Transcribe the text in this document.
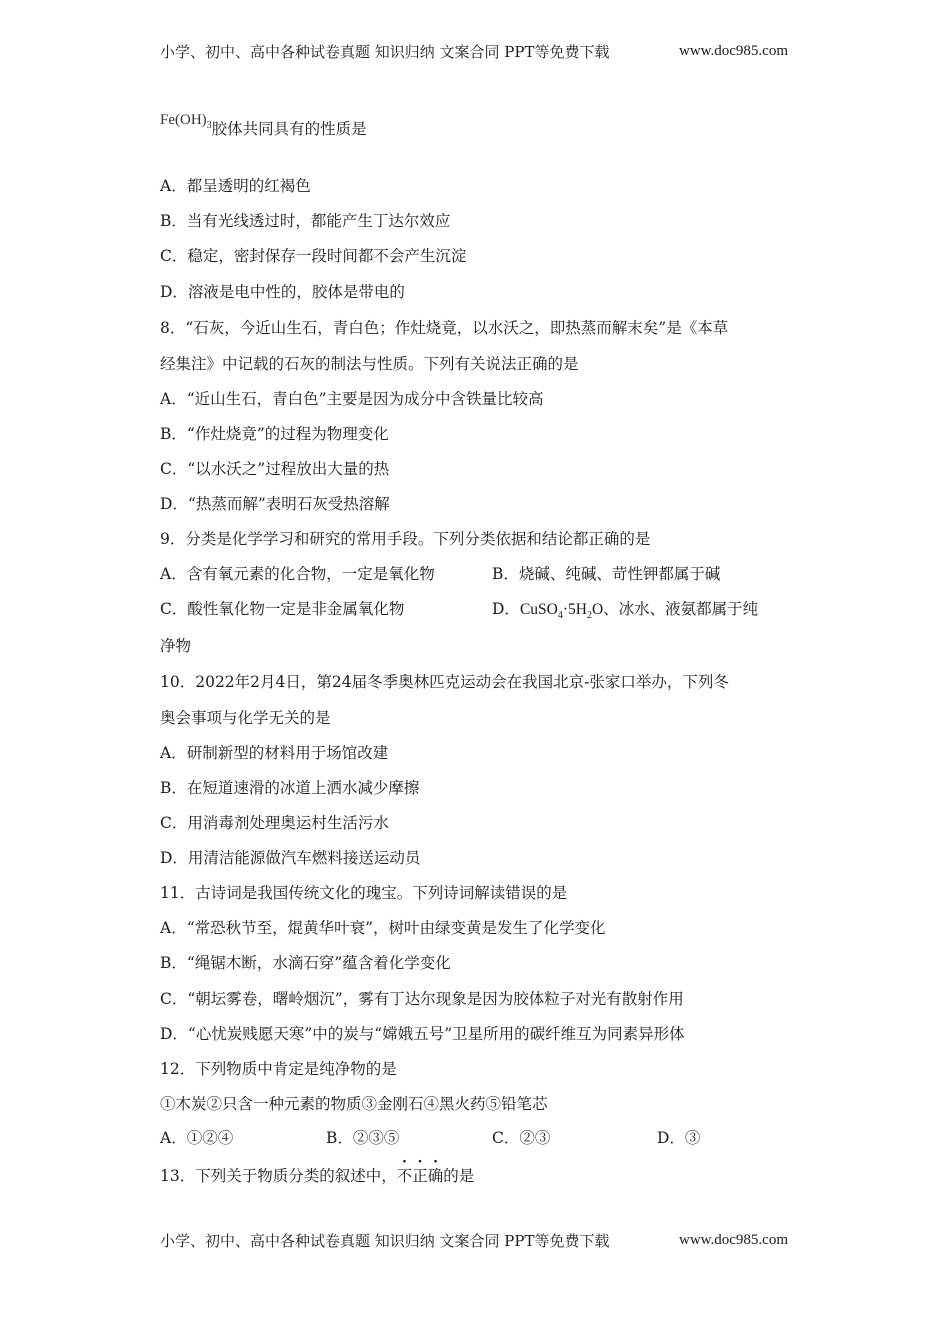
小学、初中、高中各种试卷真题 知识归纳 文案合同 PPT等免费下载	www.doc985.com
$Fe(OH)_3$胶体共同具有的性质是
A．都呈透明的红褐色
B．当有光线透过时，都能产生丁达尔效应
C．稳定，密封保存一段时间都不会产生沉淀
D．溶液是电中性的，胶体是带电的
8．“石灰，今近山生石，青白色；作灶烧竟，以水沃之，即热蒸而解末矣”是《本草
经集注》中记载的石灰的制法与性质。下列有关说法正确的是
A．“近山生石，青白色”主要是因为成分中含铁量比较高
B．“作灶烧竟”的过程为物理变化
C．“以水沃之”过程放出大量的热
D．“热蒸而解”表明石灰受热溶解
9．分类是化学学习和研究的常用手段。下列分类依据和结论都正确的是
A．含有氧元素的化合物，一定是氧化物	B．烧碱、纯碱、苛性钾都属于碱
C．酸性氧化物一定是非金属氧化物	D．$CuSO_4\cdot 5H_2O$、冰水、液氨都属于纯
净物
10．2022年2月4日，第24届冬季奥林匹克运动会在我国北京-张家口举办，下列冬
奥会事项与化学无关的是
A．研制新型的材料用于场馆改建
B．在短道速滑的冰道上洒水减少摩擦
C．用消毒剂处理奥运村生活污水
D．用清洁能源做汽车燃料接送运动员
11．古诗词是我国传统文化的瑰宝。下列诗词解读错误的是
A．“常恐秋节至，焜黄华叶衰”，树叶由绿变黄是发生了化学变化
B．“绳锯木断，水滴石穿”蕴含着化学变化
C．“朝坛雾卷，曙岭烟沉”，雾有丁达尔现象是因为胶体粒子对光有散射作用
D．“心忧炭贱愿天寒”中的炭与“嫦娥五号”卫星所用的碳纤维互为同素异形体
12．下列物质中肯定是纯净物的是
①木炭②只含一种元素的物质③金刚石④黑火药⑤铅笔芯
A．①②④	B．②③⑤	C．②③	D．③
13．下列关于物质分类的叙述中，不正确的是
小学、初中、高中各种试卷真题 知识归纳 文案合同 PPT等免费下载	www.doc985.com
